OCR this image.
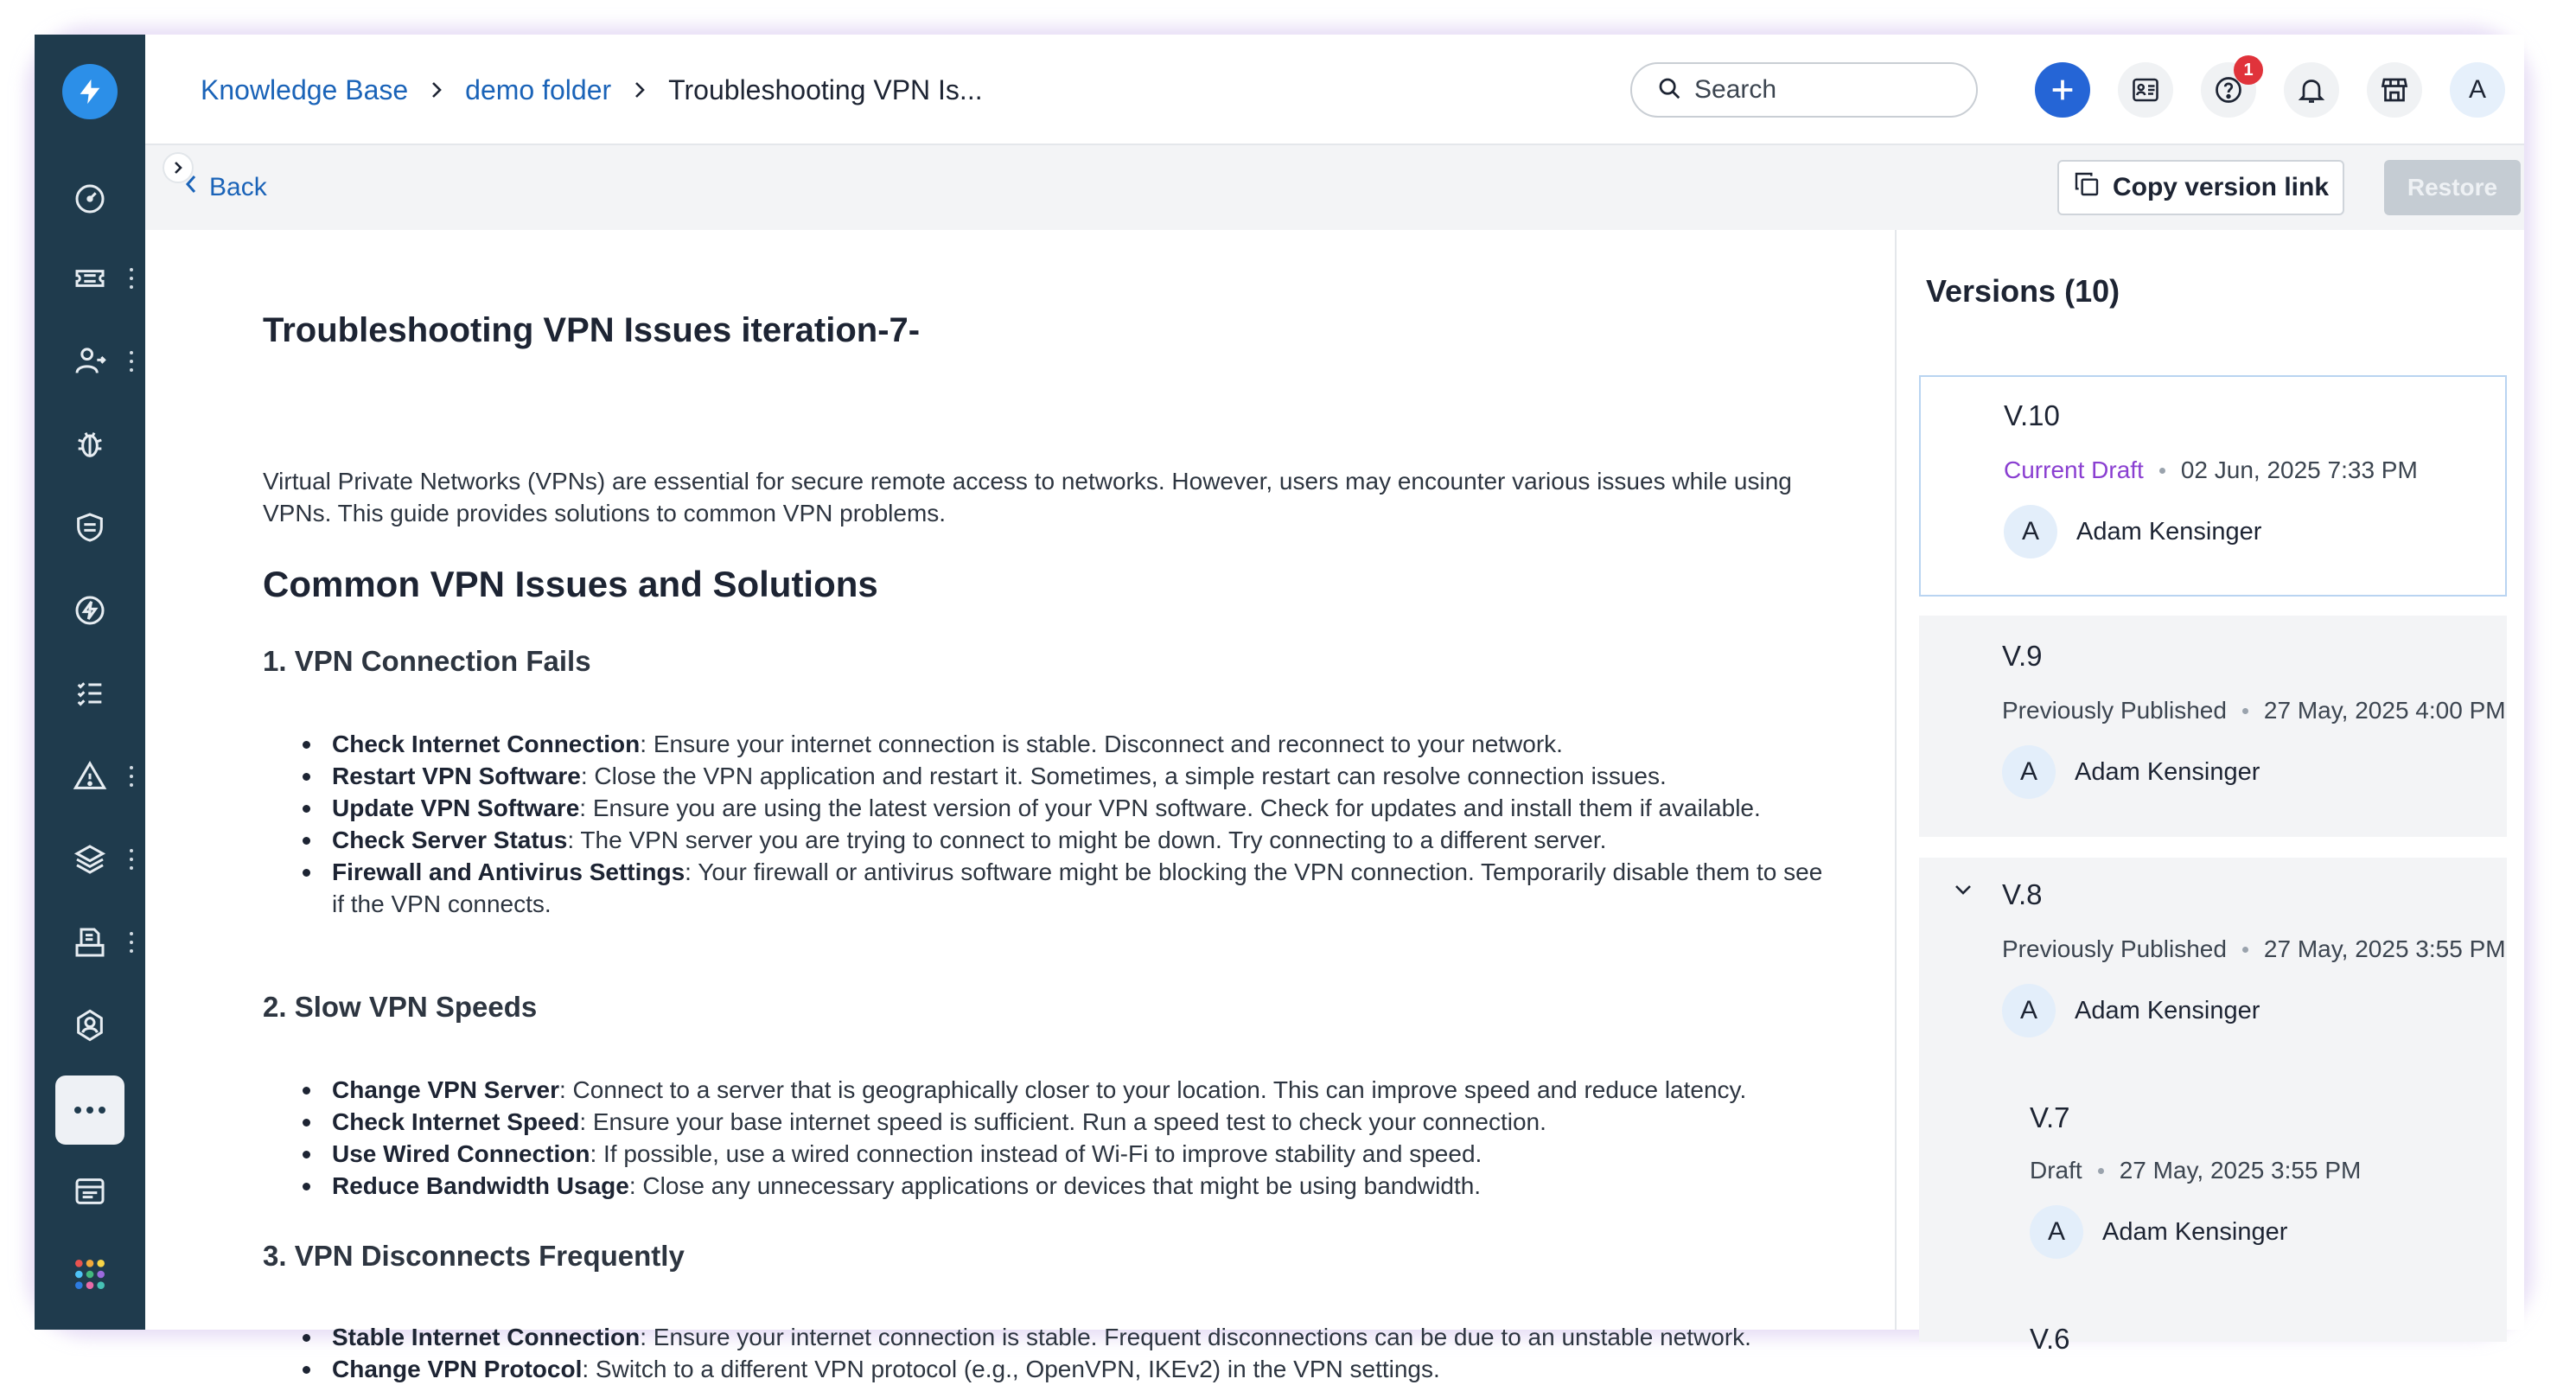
Knowledge Base demo folder Troubleshooting VPN Is...	Search
1
A
Back	Copy version link	Restore
Troubleshooting VPN Issues iteration-7-

Virtual Private Networks (VPNs) are essential for secure remote access to networks. However, users may encounter various issues while using VPNs. This guide provides solutions to common VPN problems.

Common VPN Issues and Solutions
1. VPN Connection Fails
Check Internet Connection: Ensure your internet connection is stable. Disconnect and reconnect to your network.
Restart VPN Software: Close the VPN application and restart it. Sometimes, a simple restart can resolve connection issues.
Update VPN Software: Ensure you are using the latest version of your VPN software. Check for updates and install them if available.
Check Server Status: The VPN server you are trying to connect to might be down. Try connecting to a different server.
Firewall and Antivirus Settings: Your firewall or antivirus software might be blocking the VPN connection. Temporarily disable them to see if the VPN connects.
2. Slow VPN Speeds
Change VPN Server: Connect to a server that is geographically closer to your location. This can improve speed and reduce latency.
Check Internet Speed: Ensure your base internet speed is sufficient. Run a speed test to check your connection.
Use Wired Connection: If possible, use a wired connection instead of Wi-Fi to improve stability and speed.
Reduce Bandwidth Usage: Close any unnecessary applications or devices that might be using bandwidth.
3. VPN Disconnects Frequently
Stable Internet Connection: Ensure your internet connection is stable. Frequent disconnections can be due to an unstable network.
Change VPN Protocol: Switch to a different VPN protocol (e.g., OpenVPN, IKEv2) in the VPN settings.
Versions (10)
V.10
Current Draft 02 Jun, 2025 7:33 PM
A	Adam Kensinger
V.9
Previously Published 27 May, 2025 4:00 PM
A	Adam Kensinger
V.8
Previously Published 27 May, 2025 3:55 PM
A	Adam Kensinger
V.7
Draft 27 May, 2025 3:55 PM
A	Adam Kensinger
V.6
